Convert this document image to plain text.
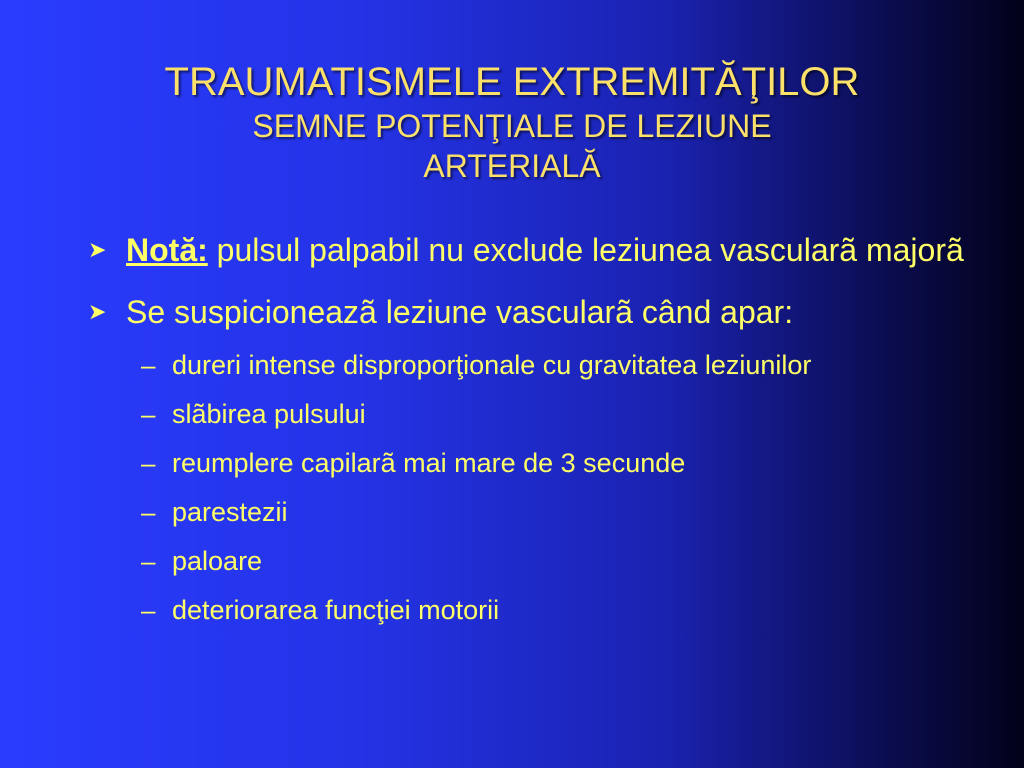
TRAUMATISMELE EXTREMITĂŢILOR
SEMNE POTENŢIALE DE LEZIUNE
ARTERIALĂ
➤ Notă: pulsul palpabil nu exclude leziunea vascularã majorã
➤ Se suspicioneazã leziune vascularã când apar:
– dureri intense disproporţionale cu gravitatea leziunilor
– slãbirea pulsului
– reumplere capilarã mai mare de 3 secunde
– parestezii
– paloare
– deteriorarea funcţiei motorii
